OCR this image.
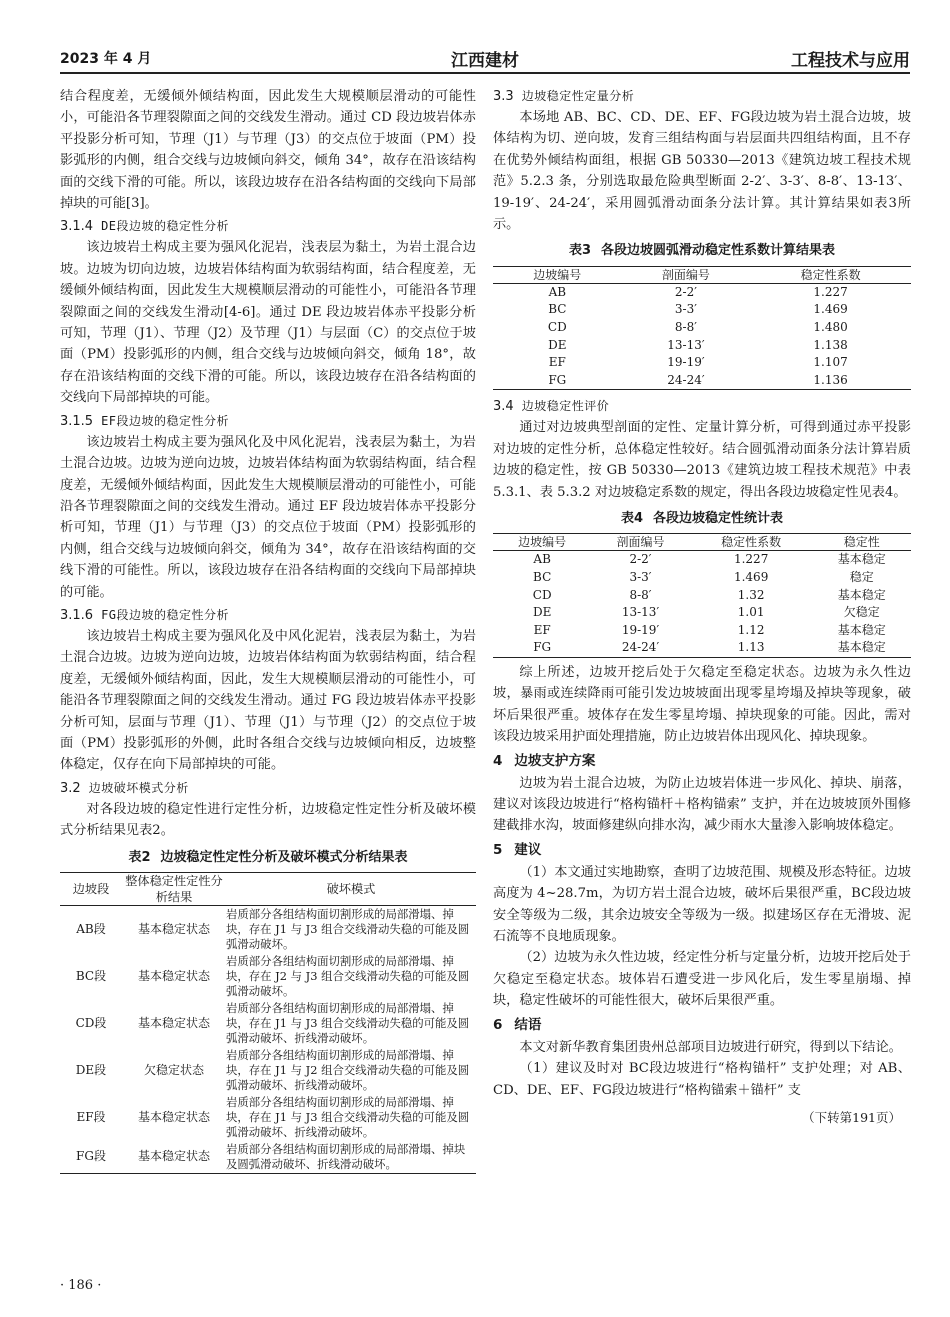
2023 年 4 月	江西建材	工程技术与应用

结合程度差，无缓倾外倾结构面，因此发生大规模顺层滑动的可能性小，可能沿各节理裂隙面之间的交线发生滑动。通过 CD 段边坡岩体赤平投影分析可知，节理（J1）与节理（J3）的交点位于坡面（PM）投影弧形的内侧，组合交线与边坡倾向斜交，倾角 34°，故存在沿该结构面的交线下滑的可能。所以，该段边坡存在沿各结构面的交线向下局部掉块的可能[3]。

3.1.4 DE段边坡的稳定性分析

该边坡岩土构成主要为强风化泥岩，浅表层为黏土，为岩土混合边坡。边坡为切向边坡，边坡岩体结构面为软弱结构面，结合程度差，无缓倾外倾结构面，因此发生大规模顺层滑动的可能性小，可能沿各节理裂隙面之间的交线发生滑动[4-6]。通过 DE 段边坡岩体赤平投影分析可知，节理（J1）、节理（J2）及节理（J1）与层面（C）的交点位于坡面（PM）投影弧形的内侧，组合交线与边坡倾向斜交，倾角 18°，故存在沿该结构面的交线下滑的可能。所以，该段边坡存在沿各结构面的交线向下局部掉块的可能。

3.1.5 EF段边坡的稳定性分析

该边坡岩土构成主要为强风化及中风化泥岩，浅表层为黏土，为岩土混合边坡。边坡为逆向边坡，边坡岩体结构面为软弱结构面，结合程度差，无缓倾外倾结构面，因此发生大规模顺层滑动的可能性小，可能沿各节理裂隙面之间的交线发生滑动。通过 EF 段边坡岩体赤平投影分析可知，节理（J1）与节理（J3）的交点位于坡面（PM）投影弧形的内侧，组合交线与边坡倾向斜交，倾角为 34°，故存在沿该结构面的交线下滑的可能性。所以，该段边坡存在沿各结构面的交线向下局部掉块的可能。

3.1.6 FG段边坡的稳定性分析

该边坡岩土构成主要为强风化及中风化泥岩，浅表层为黏土，为岩土混合边坡。边坡为逆向边坡，边坡岩体结构面为软弱结构面，结合程度差，无缓倾外倾结构面，因此，发生大规模顺层滑动的可能性小，可能沿各节理裂隙面之间的交线发生滑动。通过 FG 段边坡岩体赤平投影分析可知，层面与节理（J1）、节理（J1）与节理（J2）的交点位于坡面（PM）投影弧形的外侧，此时各组合交线与边坡倾向相反，边坡整体稳定，仅存在向下局部掉块的可能。

3.2 边坡破坏模式分析

对各段边坡的稳定性进行定性分析，边坡稳定性定性分析及破坏模式分析结果见表2。

表2 边坡稳定性定性分析及破坏模式分析结果表
边坡段	整体稳定性定性分析结果	破坏模式
AB段	基本稳定状态	岩质部分各组结构面切割形成的局部滑塌、掉块，存在 J1 与 J3 组合交线滑动失稳的可能及圆弧滑动破坏。
BC段	基本稳定状态	岩质部分各组结构面切割形成的局部滑塌、掉块，存在 J2 与 J3 组合交线滑动失稳的可能及圆弧滑动破坏。
CD段	基本稳定状态	岩质部分各组结构面切割形成的局部滑塌、掉块，存在 J1 与 J3 组合交线滑动失稳的可能及圆弧滑动破坏、折线滑动破坏。
DE段	欠稳定状态	岩质部分各组结构面切割形成的局部滑塌、掉块，存在 J1 与 J2 组合交线滑动失稳的可能及圆弧滑动破坏、折线滑动破坏。
EF段	基本稳定状态	岩质部分各组结构面切割形成的局部滑塌、掉块，存在 J1 与 J3 组合交线滑动失稳的可能及圆弧滑动破坏、折线滑动破坏。
FG段	基本稳定状态	岩质部分各组结构面切割形成的局部滑塌、掉块及圆弧滑动破坏、折线滑动破坏。
3.3 边坡稳定性定量分析

本场地 AB、BC、CD、DE、EF、FG段边坡为岩土混合边坡，坡体结构为切、逆向坡，发育三组结构面与岩层面共四组结构面，且不存在优势外倾结构面组，根据 GB 50330—2013《建筑边坡工程技术规范》5.2.3 条，分别选取最危险典型断面 2-2′、3-3′、8-8′、13-13′、19-19′、24-24′，采用圆弧滑动面条分法计算。其计算结果如表3所示。

表3 各段边坡圆弧滑动稳定性系数计算结果表
边坡编号	剖面编号	稳定性系数
AB	2-2′	1.227
BC	3-3′	1.469
CD	8-8′	1.480
DE	13-13′	1.138
EF	19-19′	1.107
FG	24-24′	1.136
3.4 边坡稳定性评价

通过对边坡典型剖面的定性、定量计算分析，可得到通过赤平投影对边坡的定性分析，总体稳定性较好。结合圆弧滑动面条分法计算岩质边坡的稳定性，按 GB 50330—2013《建筑边坡工程技术规范》中表 5.3.1、表 5.3.2 对边坡稳定系数的规定，得出各段边坡稳定性见表4。

表4 各段边坡稳定性统计表
边坡编号	剖面编号	稳定性系数	稳定性
AB	2-2′	1.227	基本稳定
BC	3-3′	1.469	稳定
CD	8-8′	1.32	基本稳定
DE	13-13′	1.01	欠稳定
EF	19-19′	1.12	基本稳定
FG	24-24′	1.13	基本稳定

综上所述，边坡开挖后处于欠稳定至稳定状态。边坡为永久性边坡，暴雨或连续降雨可能引发边坡坡面出现零星垮塌及掉块等现象，破坏后果很严重。坡体存在发生零星垮塌、掉块现象的可能。因此，需对该段边坡采用护面处理措施，防止边坡岩体出现风化、掉块现象。

4 边坡支护方案

边坡为岩土混合边坡，为防止边坡岩体进一步风化、掉块、崩落，建议对该段边坡进行“格构锚杆＋格构锚索” 支护，并在边坡坡顶外围修建截排水沟，坡面修建纵向排水沟，减少雨水大量渗入影响坡体稳定。

5 建议

（1）本文通过实地勘察，查明了边坡范围、规模及形态特征。边坡高度为 4~28.7m，为切方岩土混合边坡，破坏后果很严重，BC段边坡安全等级为二级，其余边坡安全等级为一级。拟建场区存在无滑坡、泥石流等不良地质现象。

（2）边坡为永久性边坡，经定性分析与定量分析，边坡开挖后处于欠稳定至稳定状态。坡体岩石遭受进一步风化后，发生零星崩塌、掉块，稳定性破坏的可能性很大，破坏后果很严重。

6 结语

本文对新华教育集团贵州总部项目边坡进行研究，得到以下结论。

（1）建议及时对 BC段边坡进行“格构锚杆” 支护处理；对 AB、CD、DE、EF、FG段边坡进行“格构锚索＋锚杆” 支

（下转第191页）
· 186 ·
